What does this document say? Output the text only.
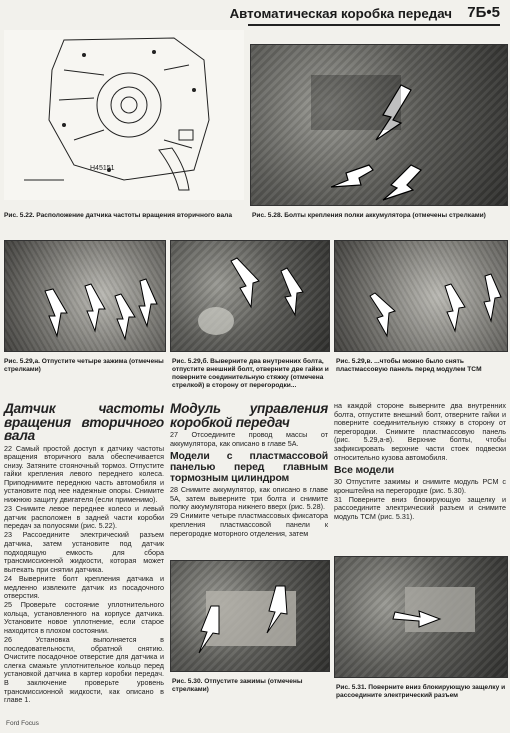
Автоматическая коробка передач 7Б•5
H45151
Рис. 5.22. Расположение датчика частоты вращения вторичного вала	Рис. 5.28. Болты крепления полки аккумулятора (отмечены стрелками)
Рис. 5.29,а. Отпустите четыре зажима (отмечены стрелками)
Рис. 5.29,б. Выверните два внутренних болта, отпустите внешний болт, отверните две гайки и поверните соединительную стяжку (отмечена стрелкой) в сторону от перегородки...
Рис. 5.29,в. ...чтобы можно было снять пластмассовую панель перед модулем TCM
Датчик частоты вращения вторичного вала

22 Самый простой доступ к датчику частоты вращения вторичного вала обеспечивается снизу. Затяните стояночный тормоз. Отпустите гайки крепления левого переднего колеса. Приподнимите переднюю часть автомобиля и установите под нее надежные опоры. Снимите нижнюю защиту двигателя (если применимо).

23 Снимите левое переднее колесо и левый датчик расположен в задней части коробки передач за полуосями (рис. 5.22).

23 Рассоедините электрический разъем датчика, затем установите под датчик подходящую емкость для сбора трансмиссионной жидкости, которая может вытекать при снятии датчика.

24 Выверните болт крепления датчика и медленно извлеките датчик из посадочного отверстия.

25 Проверьте состояние уплотнительного кольца, установленного на корпусе датчика. Установите новое уплотнение, если старое находится в плохом состоянии.

26 Установка выполняется в последовательности, обратной снятию. Очистите посадочное отверстие для датчика и слегка смажьте уплотнительное кольцо перед установкой датчика в картер коробки передач. В заключение проверьте уровень трансмиссионной жидкости, как описано в главе 1.

Модуль управления коробкой передач

27 Отсоедините провод массы от аккумулятора, как описано в главе 5А.

Модели с пластмассовой панелью перед главным тормозным цилиндром

28 Снимите аккумулятор, как описано в главе 5А, затем выверните три болта и снимите полку аккумулятора нижнего вверх (рис. 5.28).

29 Снимите четыре пластмассовых фиксатора крепления пластмассовой панели к перегородке моторного отделения, затем

на каждой стороне выверните два внутренних болта, отпустите внешний болт, отверните гайки и поверните соединительную стяжку в сторону от перегородки. Снимите пластмассовую панель (рис. 5.29,а-в). Верхние болты, чтобы зафиксировать верхние части стоек подвески относительно кузова автомобиля.

Все модели

30 Отпустите зажимы и снимите модуль PCM с кронштейна на перегородке (рис. 5.30).

31 Поверните вниз блокирующую защелку и рассоедините электрический разъем и снимите модуль TCM (рис. 5.31).

Рис. 5.30. Отпустите зажимы (отмечены стрелками)	Рис. 5.31. Поверните вниз блокирующую защелку и рассоедините электрический разъем
Ford Focus
